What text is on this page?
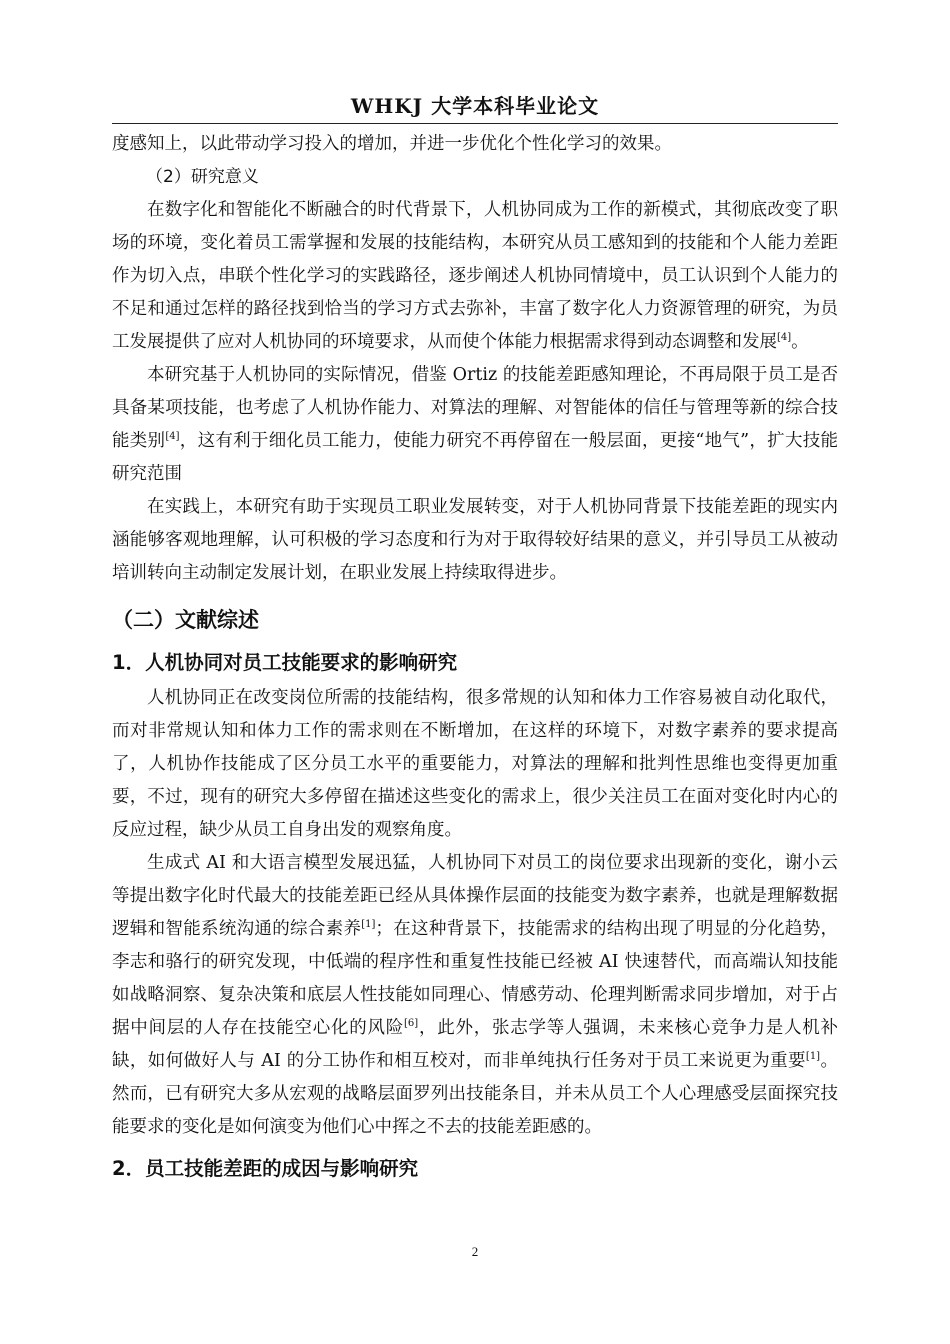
WHKJ 大学本科毕业论文

度感知上，以此带动学习投入的增加，并进一步优化个性化学习的效果。

（2）研究意义

在数字化和智能化不断融合的时代背景下，人机协同成为工作的新模式，其彻底改变了职场的环境，变化着员工需掌握和发展的技能结构，本研究从员工感知到的技能和个人能力差距作为切入点，串联个性化学习的实践路径，逐步阐述人机协同情境中，员工认识到个人能力的不足和通过怎样的路径找到恰当的学习方式去弥补，丰富了数字化人力资源管理的研究，为员工发展提供了应对人机协同的环境要求，从而使个体能力根据需求得到动态调整和发展[4]。

本研究基于人机协同的实际情况，借鉴 Ortiz 的技能差距感知理论，不再局限于员工是否具备某项技能，也考虑了人机协作能力、对算法的理解、对智能体的信任与管理等新的综合技能类别[4]，这有利于细化员工能力，使能力研究不再停留在一般层面，更接“地气”，扩大技能研究范围

在实践上，本研究有助于实现员工职业发展转变，对于人机协同背景下技能差距的现实内涵能够客观地理解，认可积极的学习态度和行为对于取得较好结果的意义，并引导员工从被动培训转向主动制定发展计划，在职业发展上持续取得进步。

（二）文献综述
1．人机协同对员工技能要求的影响研究

人机协同正在改变岗位所需的技能结构，很多常规的认知和体力工作容易被自动化取代，而对非常规认知和体力工作的需求则在不断增加，在这样的环境下，对数字素养的要求提高了，人机协作技能成了区分员工水平的重要能力，对算法的理解和批判性思维也变得更加重要，不过，现有的研究大多停留在描述这些变化的需求上，很少关注员工在面对变化时内心的反应过程，缺少从员工自身出发的观察角度。

生成式 AI 和大语言模型发展迅猛，人机协同下对员工的岗位要求出现新的变化，谢小云等提出数字化时代最大的技能差距已经从具体操作层面的技能变为数字素养，也就是理解数据逻辑和智能系统沟通的综合素养[1]；在这种背景下，技能需求的结构出现了明显的分化趋势，李志和骆行的研究发现，中低端的程序性和重复性技能已经被 AI 快速替代，而高端认知技能如战略洞察、复杂决策和底层人性技能如同理心、情感劳动、伦理判断需求同步增加，对于占据中间层的人存在技能空心化的风险[6]，此外，张志学等人强调，未来核心竞争力是人机补缺，如何做好人与 AI 的分工协作和相互校对，而非单纯执行任务对于员工来说更为重要[1]。然而，已有研究大多从宏观的战略层面罗列出技能条目，并未从员工个人心理感受层面探究技能要求的变化是如何演变为他们心中挥之不去的技能差距感的。

2．员工技能差距的成因与影响研究
2
